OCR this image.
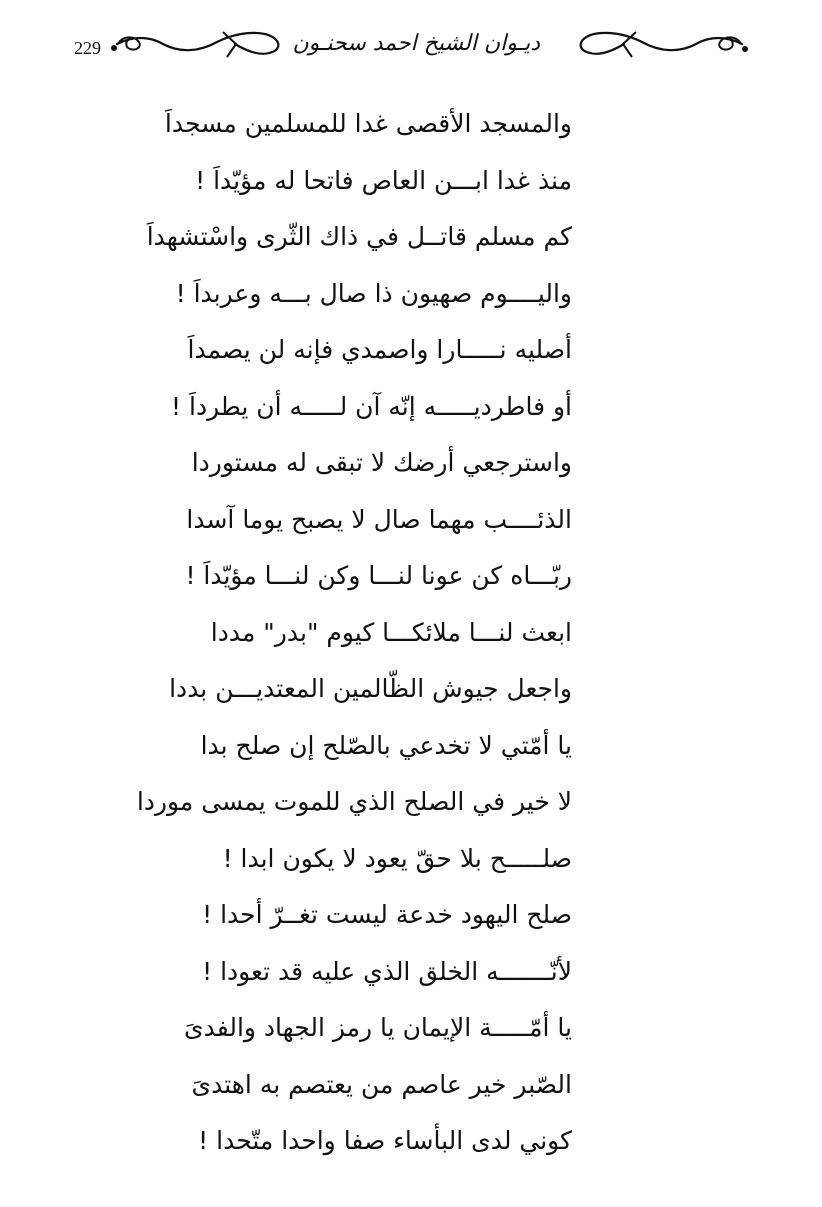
229	ديـوان الشيخ احمد سحنـون
والمسجد الأقصى غدا للمسلمين مسجداَ
منذ غدا ابـــن العاص فاتحا له مؤيّداَ !
كم مسلم قاتــل في ذاك الثّرى واسْتشهداَ
واليــــوم صهيون ذا صال بـــه وعربداَ !
أصليه نـــــارا واصمدي فإنه لن يصمداَ
أو فاطرديـــــه إنّه آن لـــــه أن يطرداَ !
واسترجعي أرضك لا تبقى له مستوردا
الذئــــب مهما صال لا يصبح يوما آسدا
ربّـــاه كن عونا لنـــا وكن لنـــا مؤيّداَ !
ابعث لنـــا ملائكـــا كيوم "بدر" مددا
واجعل جيوش الظّالمين المعتديـــن بددا
يا أمّتي لا تخدعي بالصّلح إن صلح بدا
لا خير في الصلح الذي للموت يمسى موردا
صلـــــح بلا حقّ يعود لا يكون ابدا !
صلح اليهود خدعة ليست تغــرّ أحدا !
لأنّـــــــه الخلق الذي عليه قد تعودا !
يا أمّـــــة الإيمان يا رمز الجهاد والفدىَ
الصّبر خير عاصم من يعتصم به اهتدىَ
كوني لدى البأساء صفا واحدا متّحدا !
